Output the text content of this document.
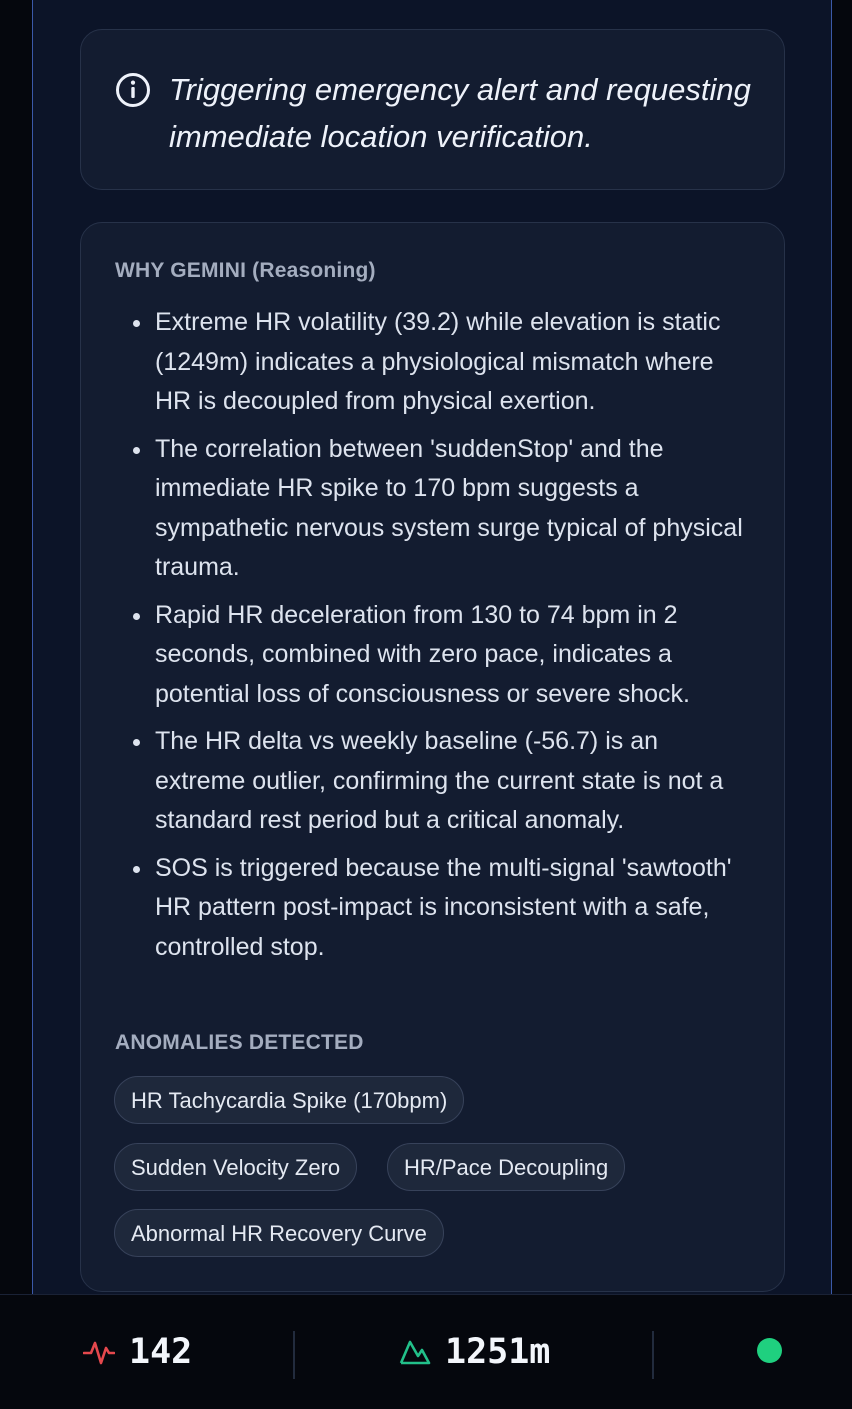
Triggering emergency alert and requesting immediate location verification.
WHY GEMINI (Reasoning)
Extreme HR volatility (39.2) while elevation is static (1249m) indicates a physiological mismatch where HR is decoupled from physical exertion.
The correlation between 'suddenStop' and the immediate HR spike to 170 bpm suggests a sympathetic nervous system surge typical of physical trauma.
Rapid HR deceleration from 130 to 74 bpm in 2 seconds, combined with zero pace, indicates a potential loss of consciousness or severe shock.
The HR delta vs weekly baseline (-56.7) is an extreme outlier, confirming the current state is not a standard rest period but a critical anomaly.
SOS is triggered because the multi-signal 'sawtooth' HR pattern post-impact is inconsistent with a safe, controlled stop.
ANOMALIES DETECTED
HR Tachycardia Spike (170bpm)
Sudden Velocity Zero	HR/Pace Decoupling
Abnormal HR Recovery Curve
142	1251m
